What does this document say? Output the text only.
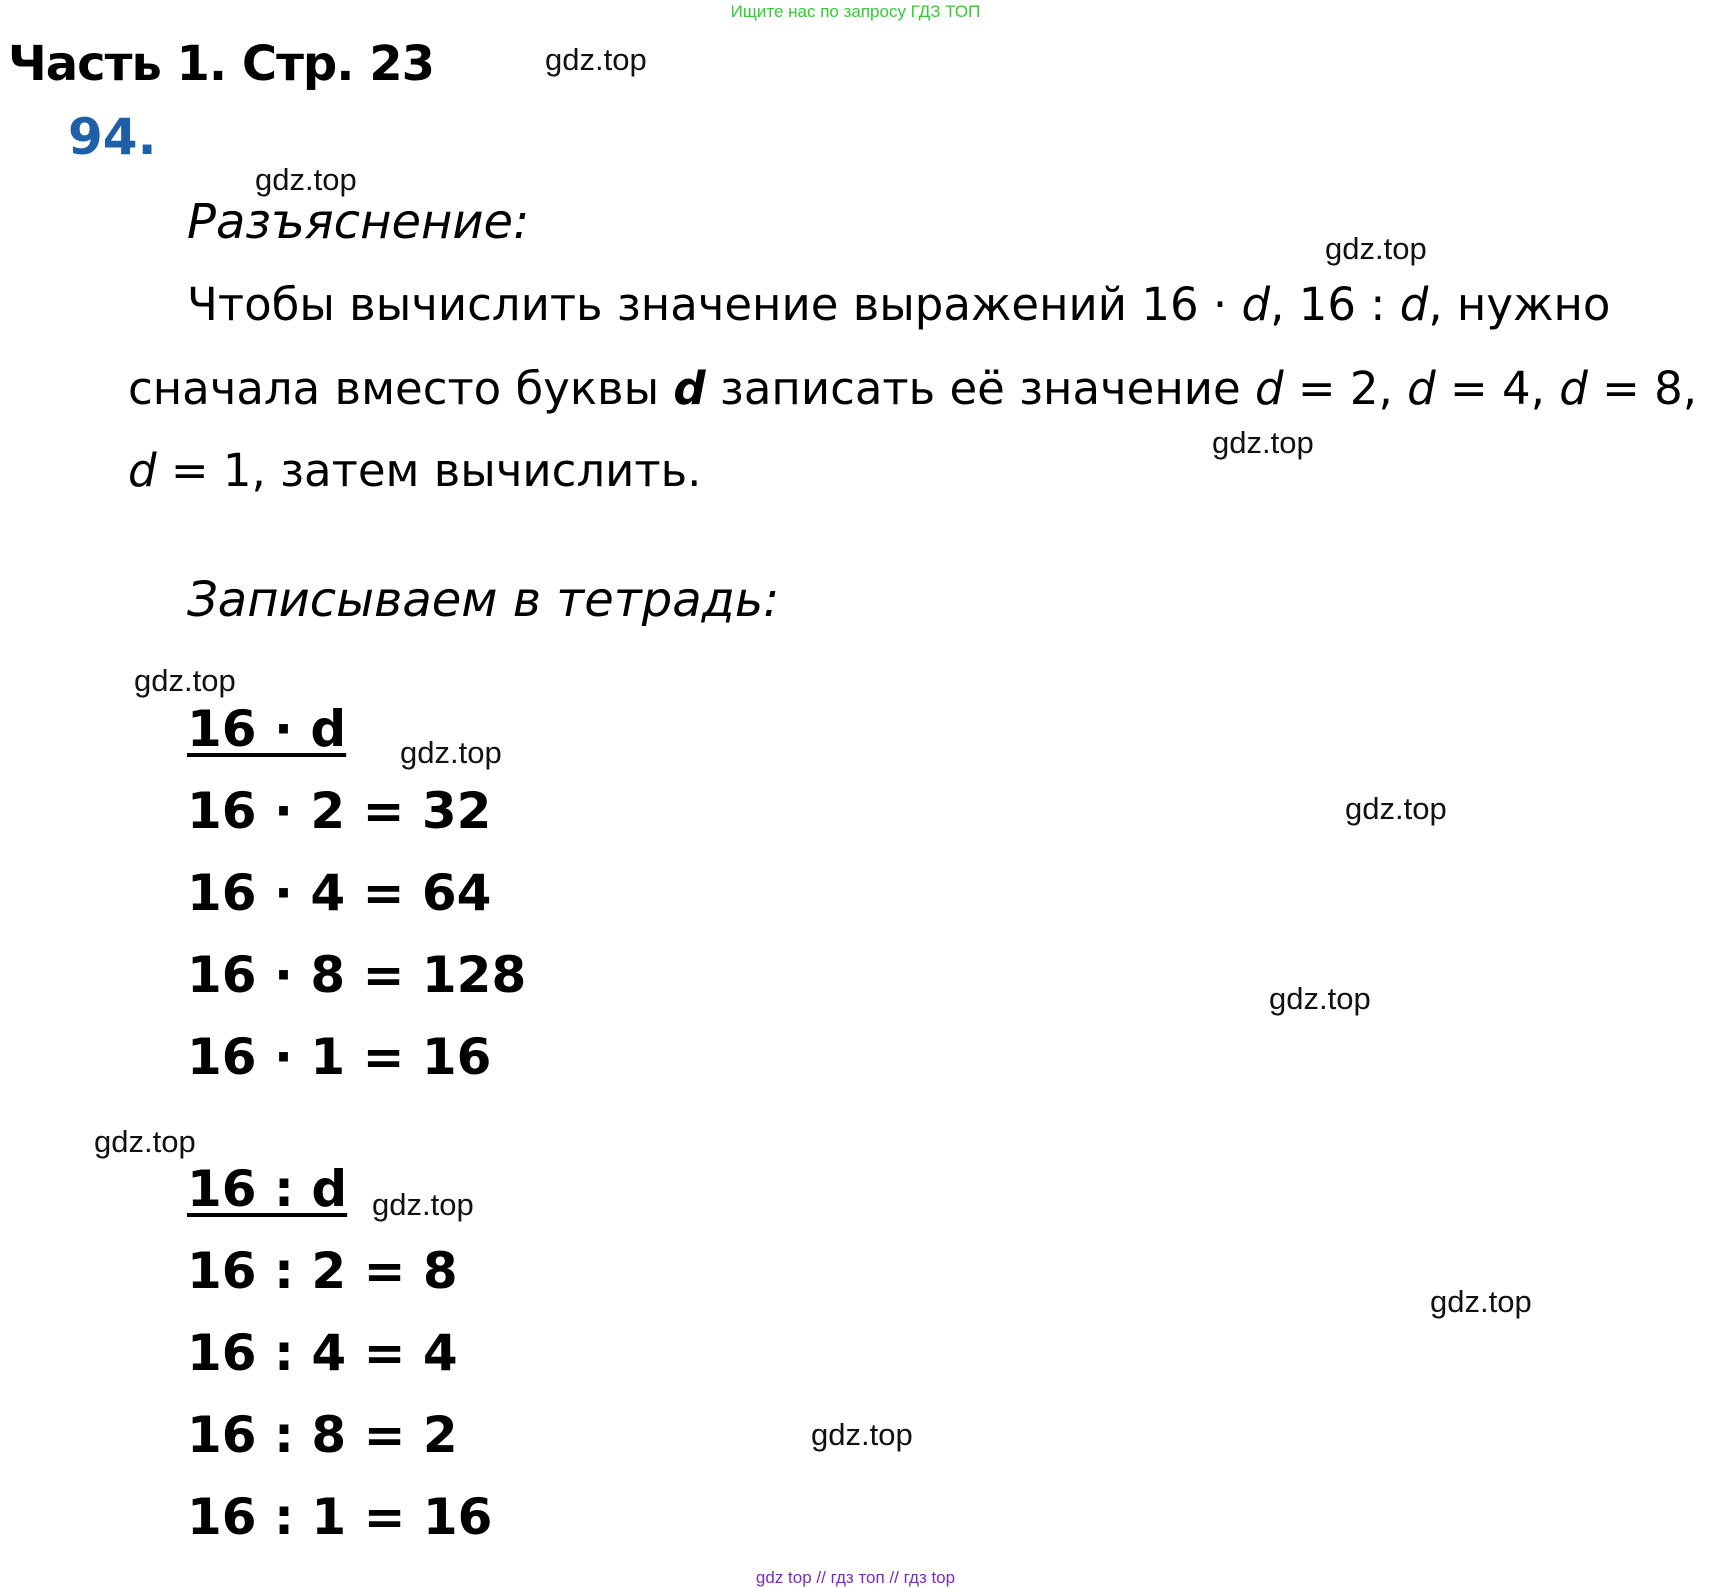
Ищите нас по запросу ГДЗ ТОП
Часть 1. Стр. 23
94.
Разъяснение:
Чтобы вычислить значение выражений 16 · d, 16 : d, нужно
сначала вместо буквы d записать её значение d = 2, d = 4, d = 8,
d = 1, затем вычислить.
Записываем в тетрадь:
16 · d
16 · 2 = 32
16 · 4 = 64
16 · 8 = 128
16 · 1 = 16
16 : d
16 : 2 = 8
16 : 4 = 4
16 : 8 = 2
16 : 1 = 16
gdz.top
gdz.top
gdz.top
gdz.top
gdz.top
gdz.top
gdz.top
gdz.top
gdz.top
gdz.top
gdz.top
gdz.top
gdz top // гдз топ // гдз top
